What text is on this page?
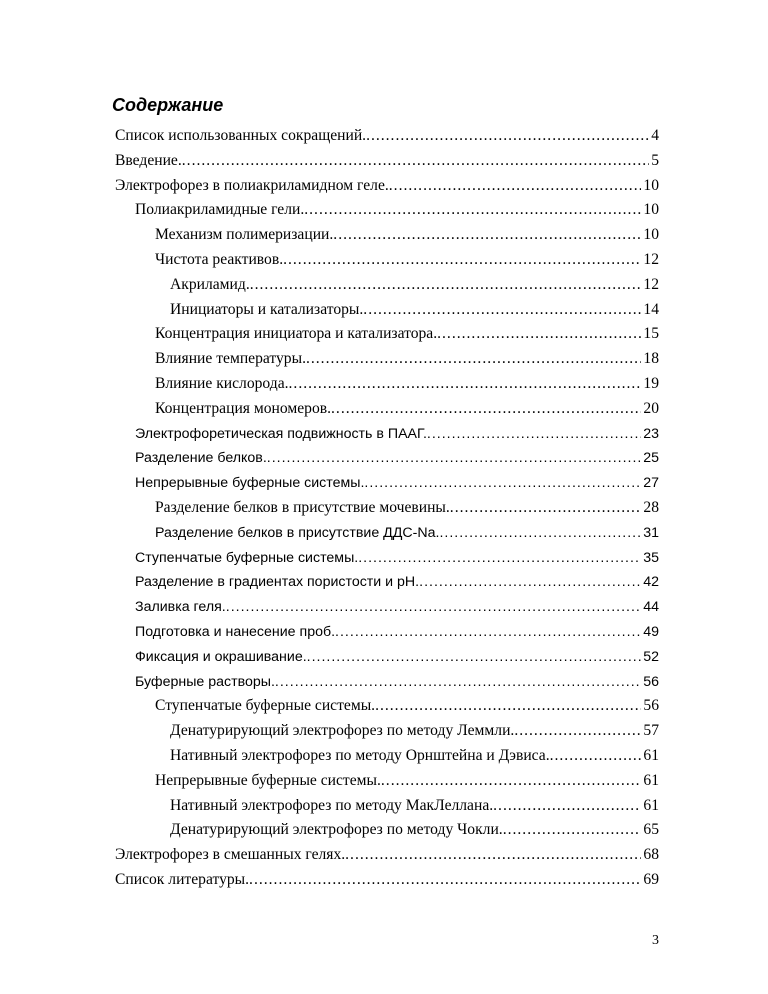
Содержание
Список использованных сокращений. .....	4
Введение. .....	5
Электрофорез в полиакриламидном геле. .....	10
Полиакриламидные гели. .....	10
Механизм полимеризации. .....	10
Чистота реактивов. .....	12
Акриламид. .....	12
Инициаторы и катализаторы. .....	14
Концентрация инициатора и катализатора. .....	15
Влияние температуры. .....	18
Влияние кислорода. .....	19
Концентрация мономеров. .....	20
Электрофоретическая подвижность в ПААГ. .....	23
Разделение белков. .....	25
Непрерывные буферные системы. .....	27
Разделение белков в присутствие мочевины. .....	28
Разделение белков в присутствие ДДС-Na. .....	31
Ступенчатые буферные системы. .....	35
Разделение в градиентах пористости и pH. .....	42
Заливка геля. .....	44
Подготовка и нанесение проб. .....	49
Фиксация и окрашивание. .....	52
Буферные растворы. .....	56
Ступенчатые буферные системы. .....	56
Денатурирующий электрофорез по методу Леммли. .....	57
Нативный электрофорез по методу Орнштейна и Дэвиса. .....	61
Непрерывные буферные системы. .....	61
Нативный электрофорез по методу МакЛеллана. .....	61
Денатурирующий электрофорез по методу Чокли. .....	65
Электрофорез в смешанных гелях. .....	68
Список литературы. .....	69
3
